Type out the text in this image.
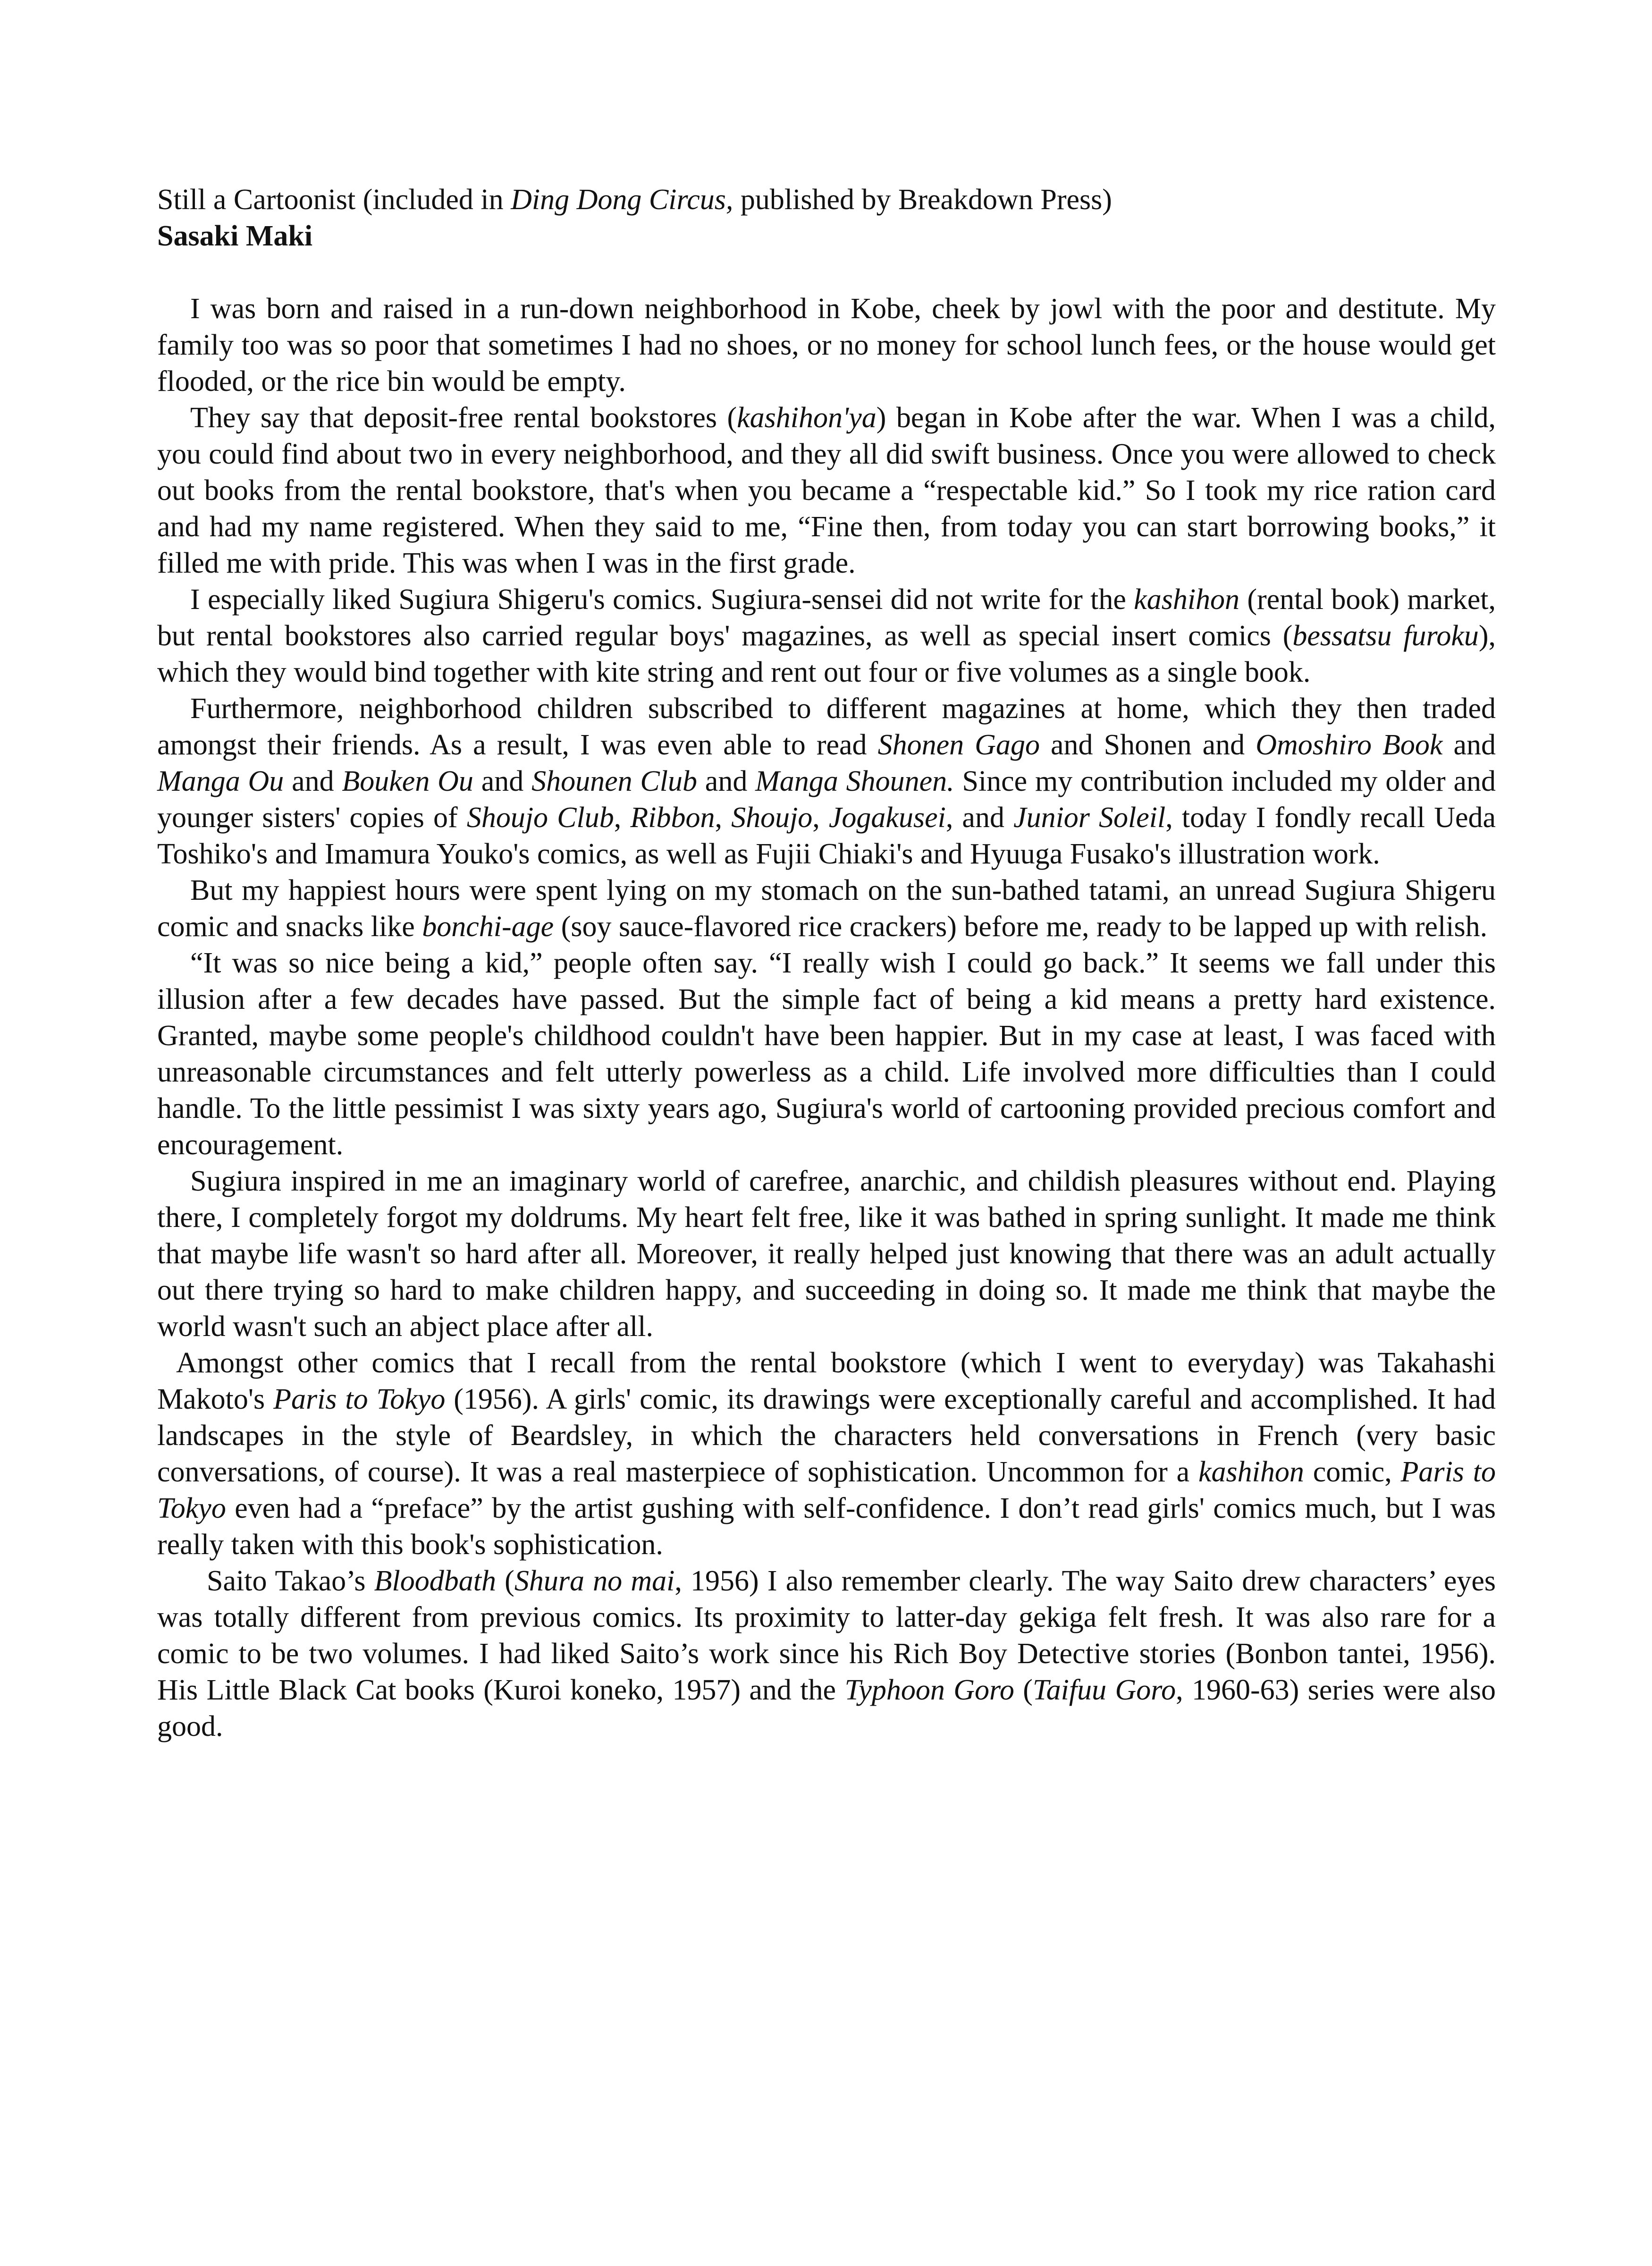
Still a Cartoonist (included in Ding Dong Circus, published by Breakdown Press)

Sasaki Maki

I was born and raised in a run-down neighborhood in Kobe, cheek by jowl with the poor and destitute. My family too was so poor that sometimes I had no shoes, or no money for school lunch fees, or the house would get flooded, or the rice bin would be empty.

They say that deposit-free rental bookstores (kashihon'ya) began in Kobe after the war. When I was a child, you could find about two in every neighborhood, and they all did swift business. Once you were allowed to check out books from the rental bookstore, that's when you became a “respectable kid.” So I took my rice ration card and had my name registered. When they said to me, “Fine then, from today you can start borrowing books,” it filled me with pride. This was when I was in the first grade.

I especially liked Sugiura Shigeru's comics. Sugiura-sensei did not write for the kashihon (rental book) market, but rental bookstores also carried regular boys' magazines, as well as special insert comics (bessatsu furoku), which they would bind together with kite string and rent out four or five volumes as a single book.

Furthermore, neighborhood children subscribed to different magazines at home, which they then traded amongst their friends. As a result, I was even able to read Shonen Gago and Shonen and Omoshiro Book and Manga Ou and Bouken Ou and Shounen Club and Manga Shounen. Since my contribution included my older and younger sisters' copies of Shoujo Club, Ribbon, Shoujo, Jogakusei, and Junior Soleil, today I fondly recall Ueda Toshiko's and Imamura Youko's comics, as well as Fujii Chiaki's and Hyuuga Fusako's illustration work.

But my happiest hours were spent lying on my stomach on the sun-bathed tatami, an unread Sugiura Shigeru comic and snacks like bonchi-age (soy sauce-flavored rice crackers) before me, ready to be lapped up with relish.

“It was so nice being a kid,” people often say. “I really wish I could go back.” It seems we fall under this illusion after a few decades have passed. But the simple fact of being a kid means a pretty hard existence. Granted, maybe some people's childhood couldn't have been happier. But in my case at least, I was faced with unreasonable circumstances and felt utterly powerless as a child. Life involved more difficulties than I could handle. To the little pessimist I was sixty years ago, Sugiura's world of cartooning provided precious comfort and encouragement.

Sugiura inspired in me an imaginary world of carefree, anarchic, and childish pleasures without end. Playing there, I completely forgot my doldrums. My heart felt free, like it was bathed in spring sunlight. It made me think that maybe life wasn't so hard after all. Moreover, it really helped just knowing that there was an adult actually out there trying so hard to make children happy, and succeeding in doing so. It made me think that maybe the world wasn't such an abject place after all.

Amongst other comics that I recall from the rental bookstore (which I went to everyday) was Takahashi Makoto's Paris to Tokyo (1956). A girls' comic, its drawings were exceptionally careful and accomplished. It had landscapes in the style of Beardsley, in which the characters held conversations in French (very basic conversations, of course). It was a real masterpiece of sophistication. Uncommon for a kashihon comic, Paris to Tokyo even had a “preface” by the artist gushing with self-confidence. I don’t read girls' comics much, but I was really taken with this book's sophistication.

Saito Takao’s Bloodbath (Shura no mai, 1956) I also remember clearly. The way Saito drew characters’ eyes was totally different from previous comics. Its proximity to latter-day gekiga felt fresh. It was also rare for a comic to be two volumes. I had liked Saito’s work since his Rich Boy Detective stories (Bonbon tantei, 1956). His Little Black Cat books (Kuroi koneko, 1957) and the Typhoon Goro (Taifuu Goro, 1960-63) series were also good.
